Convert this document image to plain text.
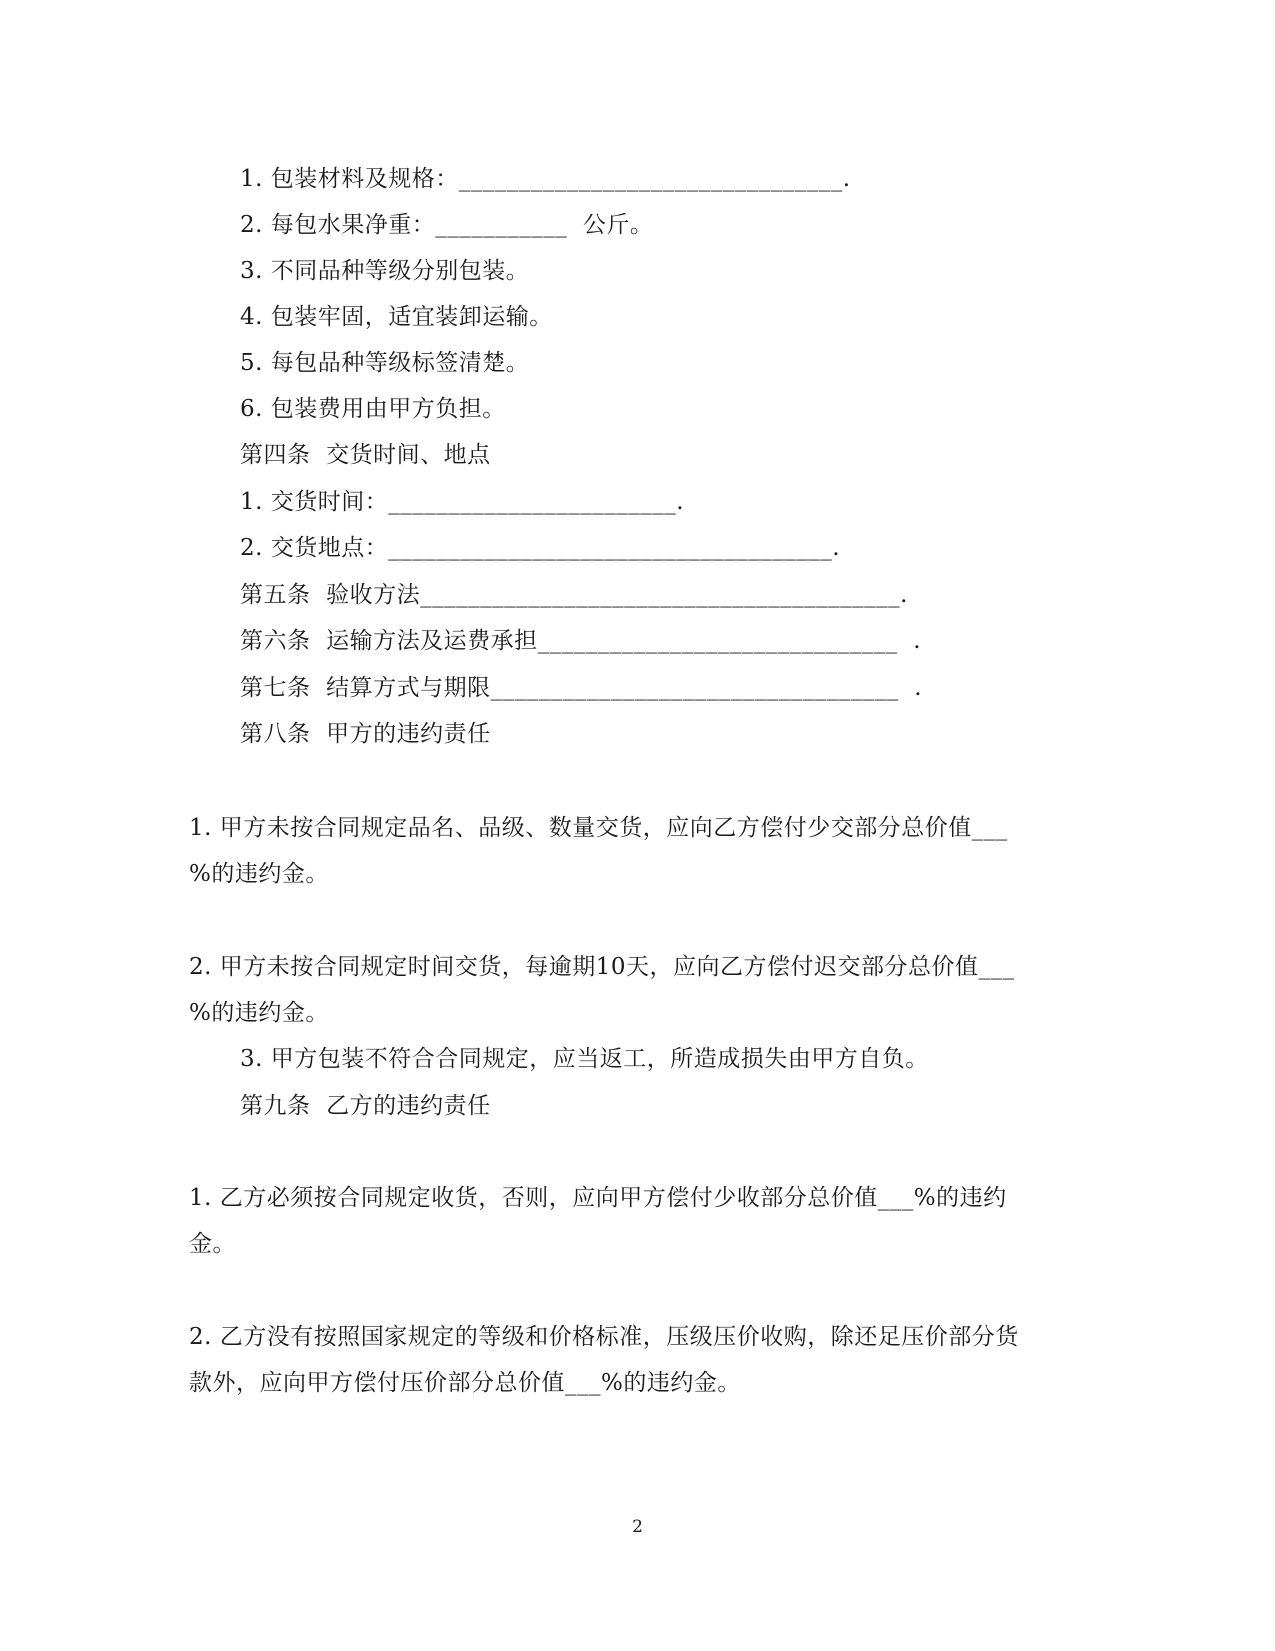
1. 包装材料及规格：________________________________.
2. 每包水果净重：___________  公斤。
3. 不同品种等级分别包装。
4. 包装牢固，适宜装卸运输。
5. 每包品种等级标签清楚。
6. 包装费用由甲方负担。
第四条  交货时间、地点
1. 交货时间：________________________.
2. 交货地点：_____________________________________.
第五条  验收方法________________________________________.
第六条  运输方法及运费承担______________________________  .
第七条  结算方式与期限__________________________________  .
第八条  甲方的违约责任
1. 甲方未按合同规定品名、品级、数量交货，应向乙方偿付少交部分总价值___
%的违约金。
2. 甲方未按合同规定时间交货，每逾期10天，应向乙方偿付迟交部分总价值___
%的违约金。
3. 甲方包装不符合合同规定，应当返工，所造成损失由甲方自负。
第九条  乙方的违约责任
1. 乙方必须按合同规定收货，否则，应向甲方偿付少收部分总价值___%的违约
金。
2. 乙方没有按照国家规定的等级和价格标准，压级压价收购，除还足压价部分货
款外，应向甲方偿付压价部分总价值___%的违约金。
2
